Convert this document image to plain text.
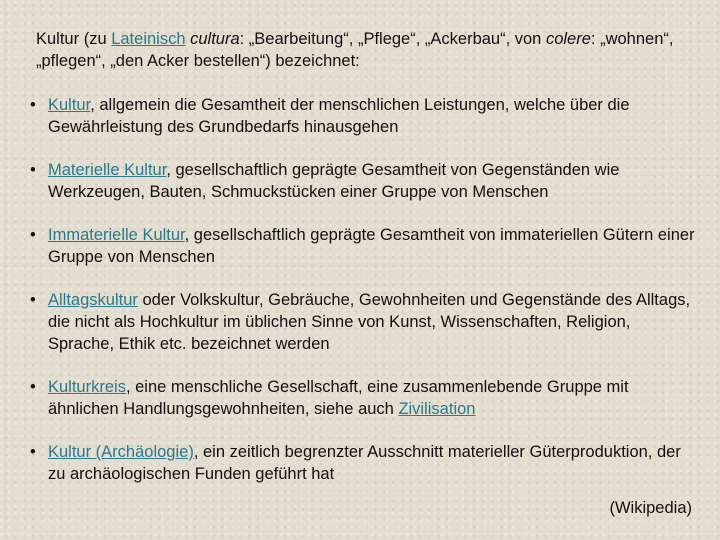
Kultur (zu Lateinisch cultura: „Bearbeitung“, „Pflege“, „Ackerbau“, von colere: „wohnen“, „pflegen“, „den Acker bestellen“) bezeichnet:

• Kultur, allgemein die Gesamtheit der menschlichen Leistungen, welche über die Gewährleistung des Grundbedarfs hinausgehen
• Materielle Kultur, gesellschaftlich geprägte Gesamtheit von Gegenständen wie Werkzeugen, Bauten, Schmuckstücken einer Gruppe von Menschen
• Immaterielle Kultur, gesellschaftlich geprägte Gesamtheit von immateriellen Gütern einer Gruppe von Menschen
• Alltagskultur oder Volkskultur, Gebräuche, Gewohnheiten und Gegenstände des Alltags, die nicht als Hochkultur im üblichen Sinne von Kunst, Wissenschaften, Religion, Sprache, Ethik etc. bezeichnet werden
• Kulturkreis, eine menschliche Gesellschaft, eine zusammenlebende Gruppe mit ähnlichen Handlungsgewohnheiten, siehe auch Zivilisation
• Kultur (Archäologie), ein zeitlich begrenzter Ausschnitt materieller Güterproduktion, der zu archäologischen Funden geführt hat
(Wikipedia)
